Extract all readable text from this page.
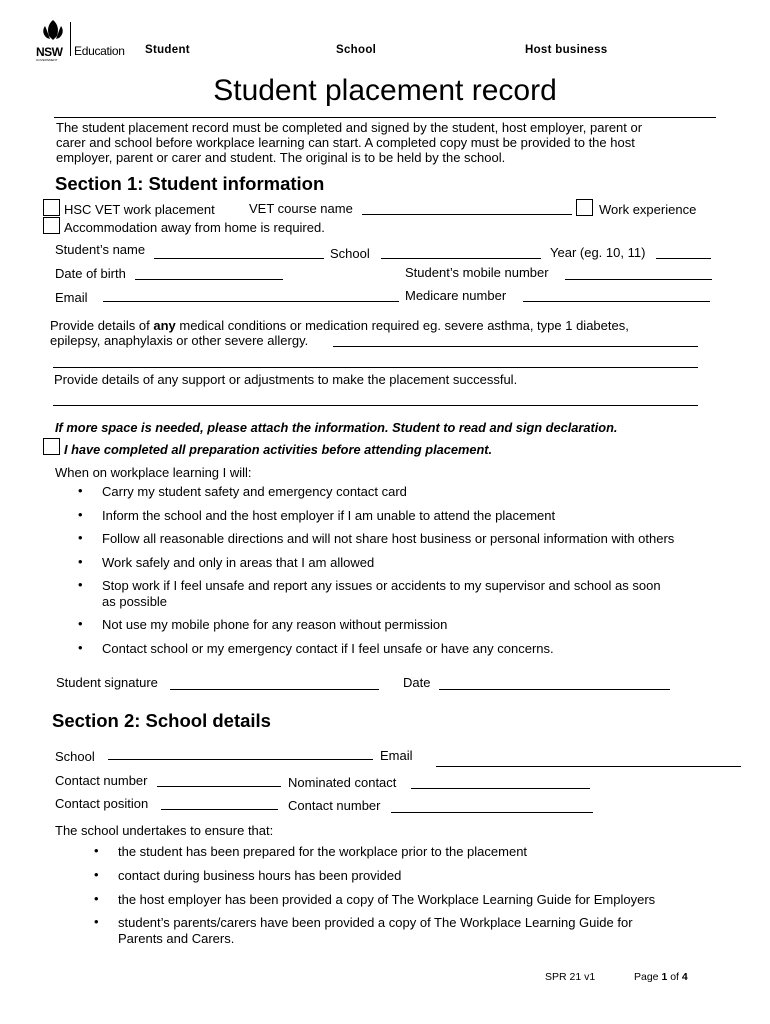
NSW
GOVERNMENT
Education Student	School	Host business
Student placement record
The student placement record must be completed and signed by the student, host employer, parent or
carer and school before workplace learning can start. A completed copy must be provided to the host
employer, parent or carer and student. The original is to be held by the school.
Section 1: Student information
HSC VET work placement	VET course name	Work experience
Accommodation away from home is required.
Student’s name	School	Year (eg. 10, 11)
Date of birth	Student’s mobile number
Email	Medicare number
Provide details of any medical conditions or medication required eg. severe asthma, type 1 diabetes,
epilepsy, anaphylaxis or other severe allergy.
Provide details of any support or adjustments to make the placement successful.
If more space is needed, please attach the information. Student to read and sign declaration.
I have completed all preparation activities before attending placement.
When on workplace learning I will:
• Carry my student safety and emergency contact card
• Inform the school and the host employer if I am unable to attend the placement
• Follow all reasonable directions and will not share host business or personal information with others
• Work safely and only in areas that I am allowed
• Stop work if I feel unsafe and report any issues or accidents to my supervisor and school as soon
as possible
• Not use my mobile phone for any reason without permission
• Contact school or my emergency contact if I feel unsafe or have any concerns.
Student signature	Date
Section 2: School details
School	Email
Contact number	Nominated contact
Contact position	Contact number
The school undertakes to ensure that:
• the student has been prepared for the workplace prior to the placement
• contact during business hours has been provided
• the host employer has been provided a copy of The Workplace Learning Guide for Employers
• student’s parents/carers have been provided a copy of The Workplace Learning Guide for
Parents and Carers.
SPR 21 v1	Page 1 of 4
